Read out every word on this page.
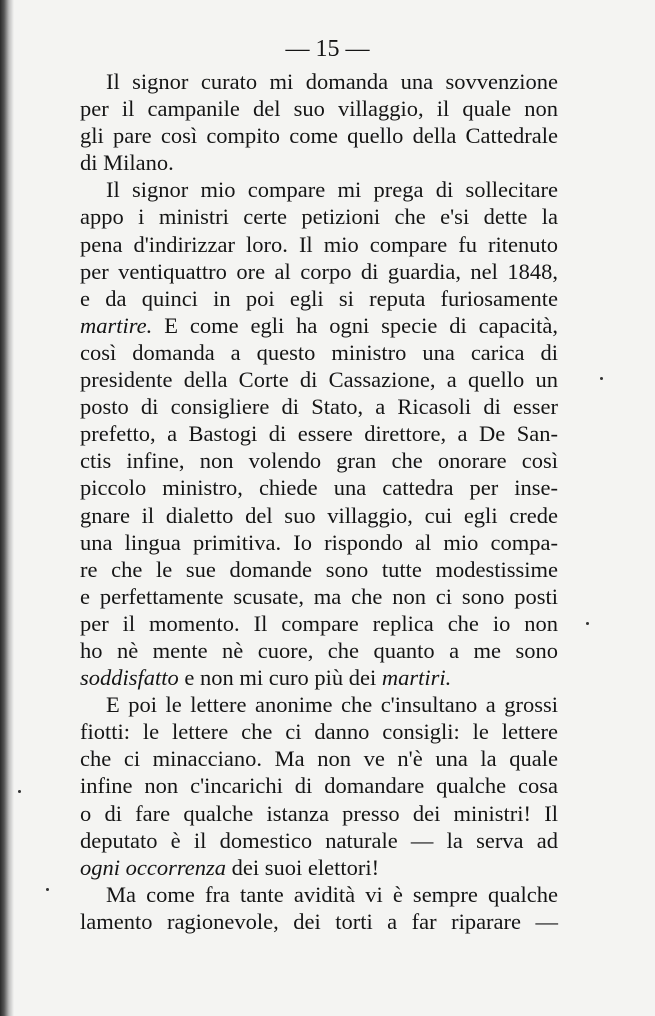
— 15 —
Il signor curato mi domanda una sovvenzione
per il campanile del suo villaggio, il quale non
gli pare così compito come quello della Cattedrale
di Milano.
Il signor mio compare mi prega di sollecitare
appo i ministri certe petizioni che e'si dette la
pena d'indirizzar loro. Il mio compare fu ritenuto
per ventiquattro ore al corpo di guardia, nel 1848,
e da quinci in poi egli si reputa furiosamente
martire. E come egli ha ogni specie di capacità,
così domanda a questo ministro una carica di
presidente della Corte di Cassazione, a quello un
posto di consigliere di Stato, a Ricasoli di esser
prefetto, a Bastogi di essere direttore, a De San-
ctis infine, non volendo gran che onorare così
piccolo ministro, chiede una cattedra per inse-
gnare il dialetto del suo villaggio, cui egli crede
una lingua primitiva. Io rispondo al mio compa-
re che le sue domande sono tutte modestissime
e perfettamente scusate, ma che non ci sono posti
per il momento. Il compare replica che io non
ho nè mente nè cuore, che quanto a me sono
soddisfatto e non mi curo più dei martiri.
E poi le lettere anonime che c'insultano a grossi
fiotti: le lettere che ci danno consigli: le lettere
che ci minacciano. Ma non ve n'è una la quale
infine non c'incarichi di domandare qualche cosa
o di fare qualche istanza presso dei ministri! Il
deputato è il domestico naturale — la serva ad
ogni occorrenza dei suoi elettori!
Ma come fra tante avidità vi è sempre qualche
lamento ragionevole, dei torti a far riparare —
